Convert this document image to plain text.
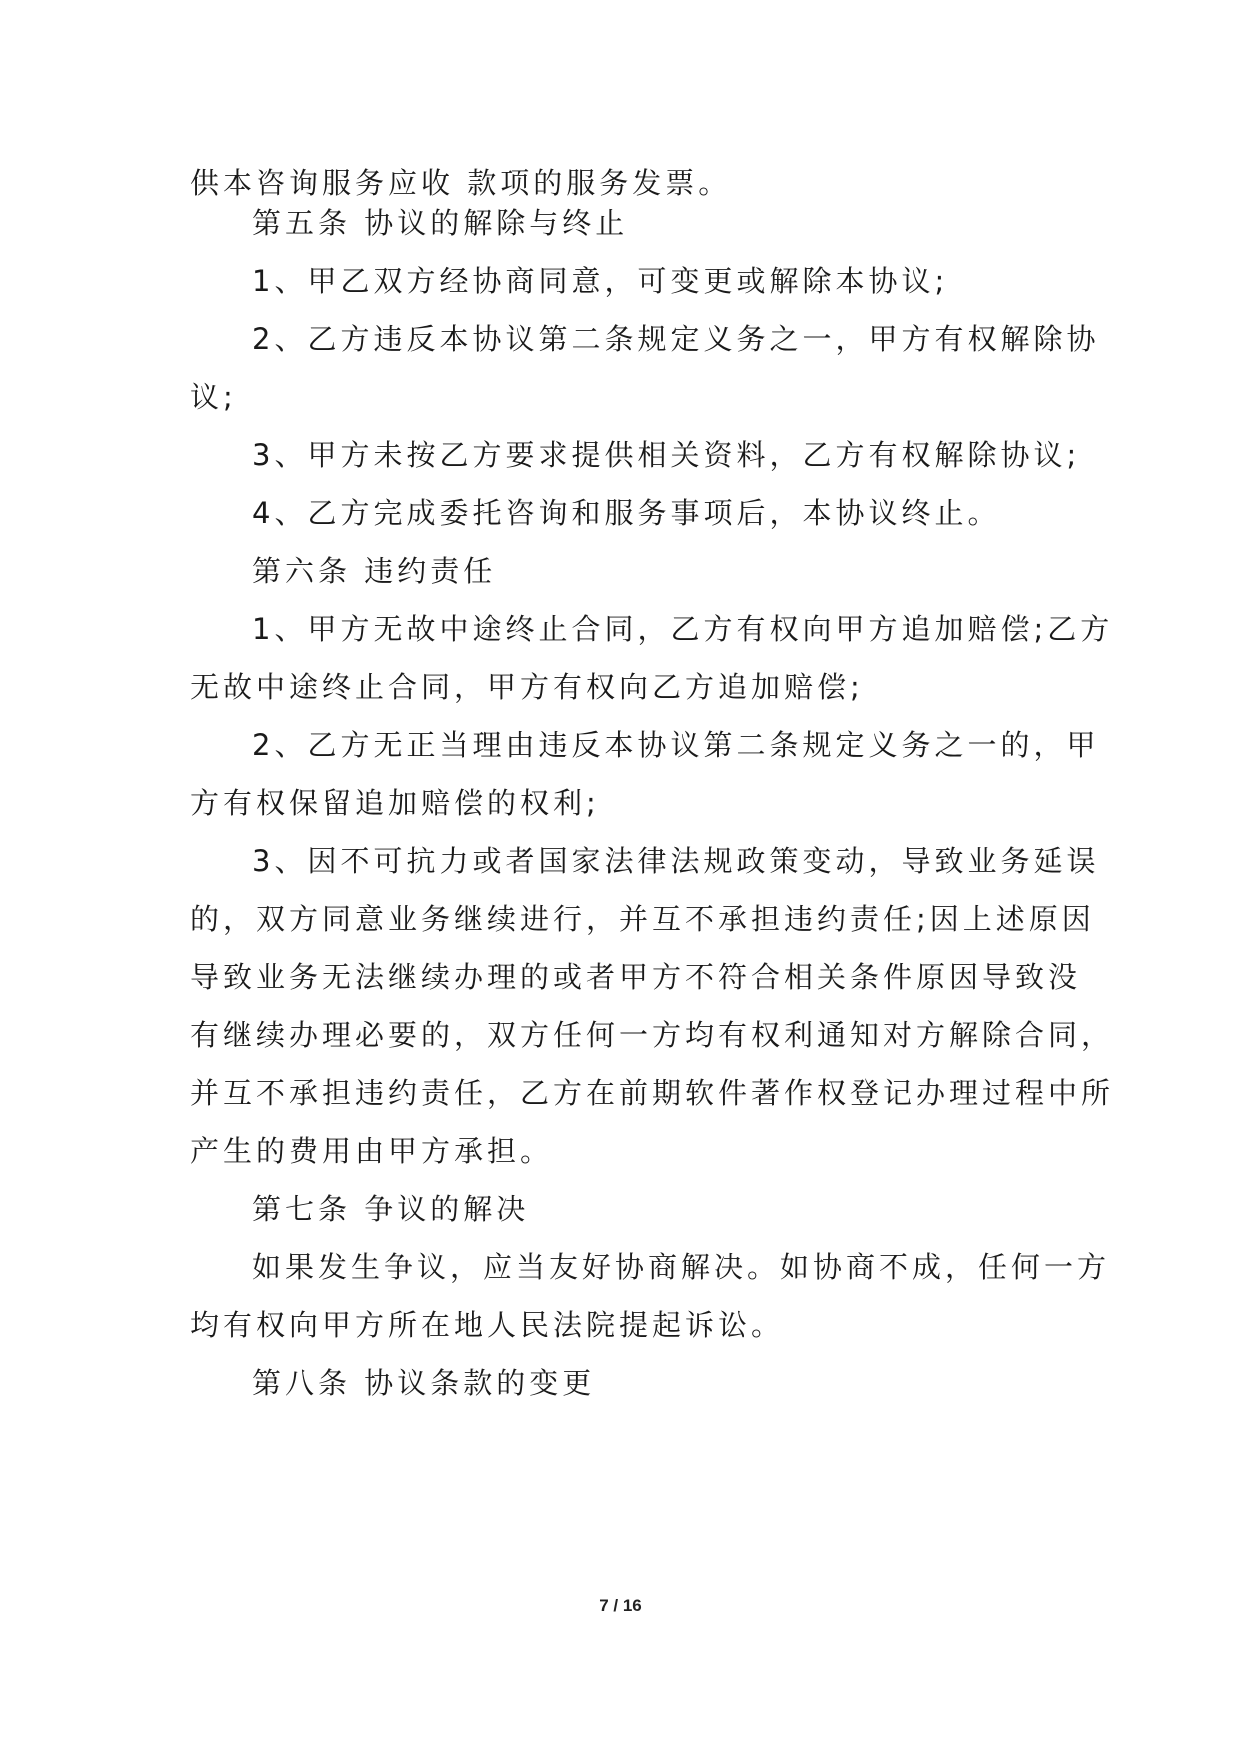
供本咨询服务应收 款项的服务发票。
第五条 协议的解除与终止
1、甲乙双方经协商同意，可变更或解除本协议;
2、乙方违反本协议第二条规定义务之一，甲方有权解除协
议;
3、甲方未按乙方要求提供相关资料，乙方有权解除协议;
4、乙方完成委托咨询和服务事项后，本协议终止。
第六条 违约责任
1、甲方无故中途终止合同，乙方有权向甲方追加赔偿;乙方
无故中途终止合同，甲方有权向乙方追加赔偿;
2、乙方无正当理由违反本协议第二条规定义务之一的，甲
方有权保留追加赔偿的权利;
3、因不可抗力或者国家法律法规政策变动，导致业务延误
的，双方同意业务继续进行，并互不承担违约责任;因上述原因
导致业务无法继续办理的或者甲方不符合相关条件原因导致没
有继续办理必要的，双方任何一方均有权利通知对方解除合同，
并互不承担违约责任，乙方在前期软件著作权登记办理过程中所
产生的费用由甲方承担。
第七条 争议的解决
如果发生争议，应当友好协商解决。如协商不成，任何一方
均有权向甲方所在地人民法院提起诉讼。
第八条 协议条款的变更
7 / 16
